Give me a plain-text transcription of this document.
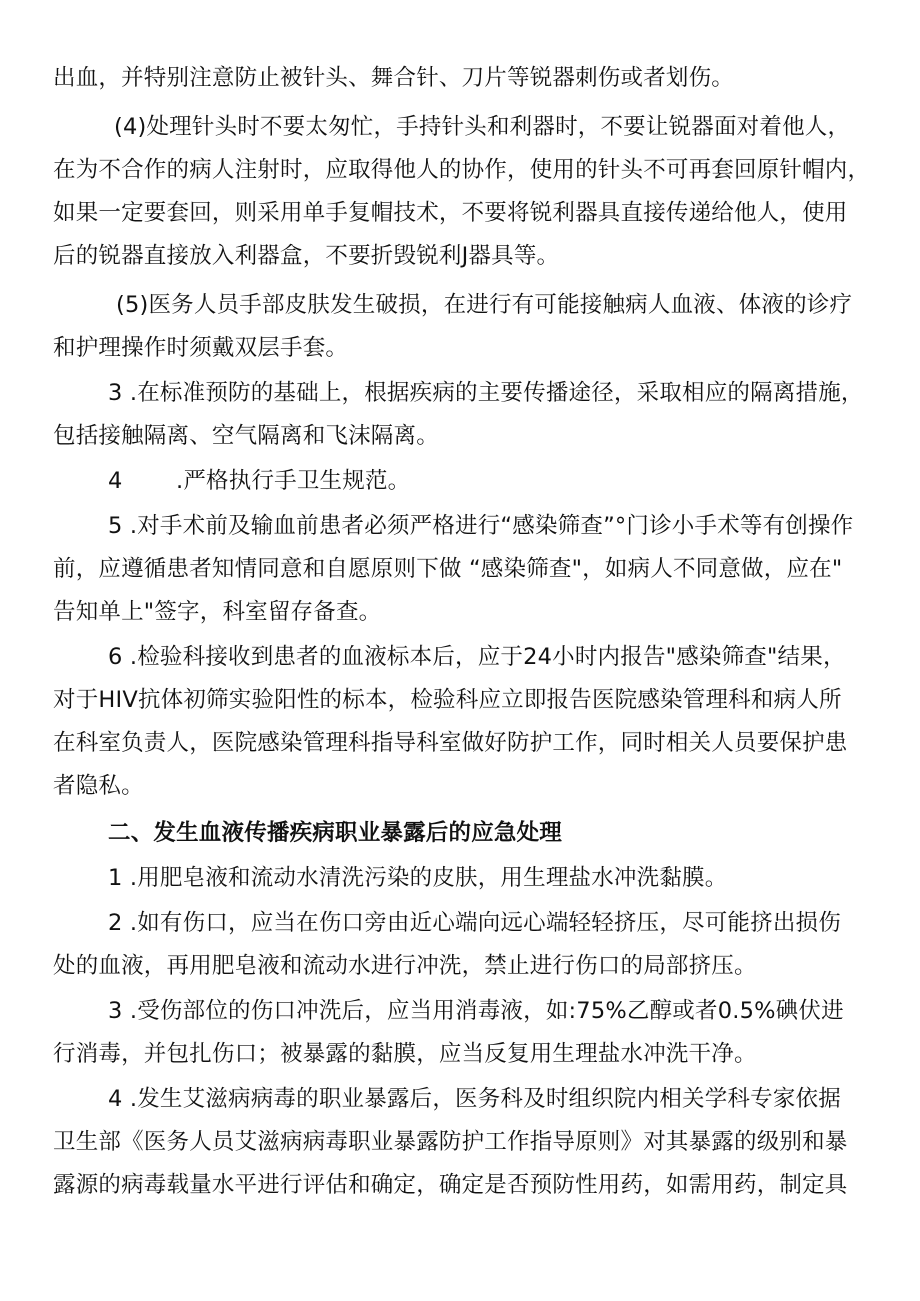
出血，并特别注意防止被针头、舞合针、刀片等锐器刺伤或者划伤。
(4)处理针头时不要太匆忙，手持针头和利器时，不要让锐器面对着他人，
在为不合作的病人注射时，应取得他人的协作，使用的针头不可再套回原针帽内，
如果一定要套回，则采用单手复帽技术，不要将锐利器具直接传递给他人，使用
后的锐器直接放入利器盒，不要折毁锐利J器具等。
(5)医务人员手部皮肤发生破损，在进行有可能接触病人血液、体液的诊疗
和护理操作时须戴双层手套。
3 .在标准预防的基础上，根据疾病的主要传播途径，采取相应的隔离措施，
包括接触隔离、空气隔离和飞沫隔离。
4 .严格执行手卫生规范。
5 .对手术前及输血前患者必须严格进行“感染筛查”°门诊小手术等有创操作
前，应遵循患者知情同意和自愿原则下做 “感染筛查"，如病人不同意做，应在"
告知单上"签字，科室留存备查。
6 .检验科接收到患者的血液标本后，应于24小时内报告"感染筛查"结果，
对于HIV抗体初筛实验阳性的标本，检验科应立即报告医院感染管理科和病人所
在科室负责人，医院感染管理科指导科室做好防护工作，同时相关人员要保护患
者隐私。
二、发生血液传播疾病职业暴露后的应急处理
1 .用肥皂液和流动水清洗污染的皮肤，用生理盐水冲洗黏膜。
2 .如有伤口，应当在伤口旁由近心端向远心端轻轻挤压，尽可能挤出损伤
处的血液，再用肥皂液和流动水进行冲洗，禁止进行伤口的局部挤压。
3 .受伤部位的伤口冲洗后，应当用消毒液，如:75%乙醇或者0.5%碘伏进
行消毒，并包扎伤口；被暴露的黏膜，应当反复用生理盐水冲洗干净。
4 .发生艾滋病病毒的职业暴露后，医务科及时组织院内相关学科专家依据
卫生部《医务人员艾滋病病毒职业暴露防护工作指导原则》对其暴露的级别和暴
露源的病毒载量水平进行评估和确定，确定是否预防性用药，如需用药，制定具
